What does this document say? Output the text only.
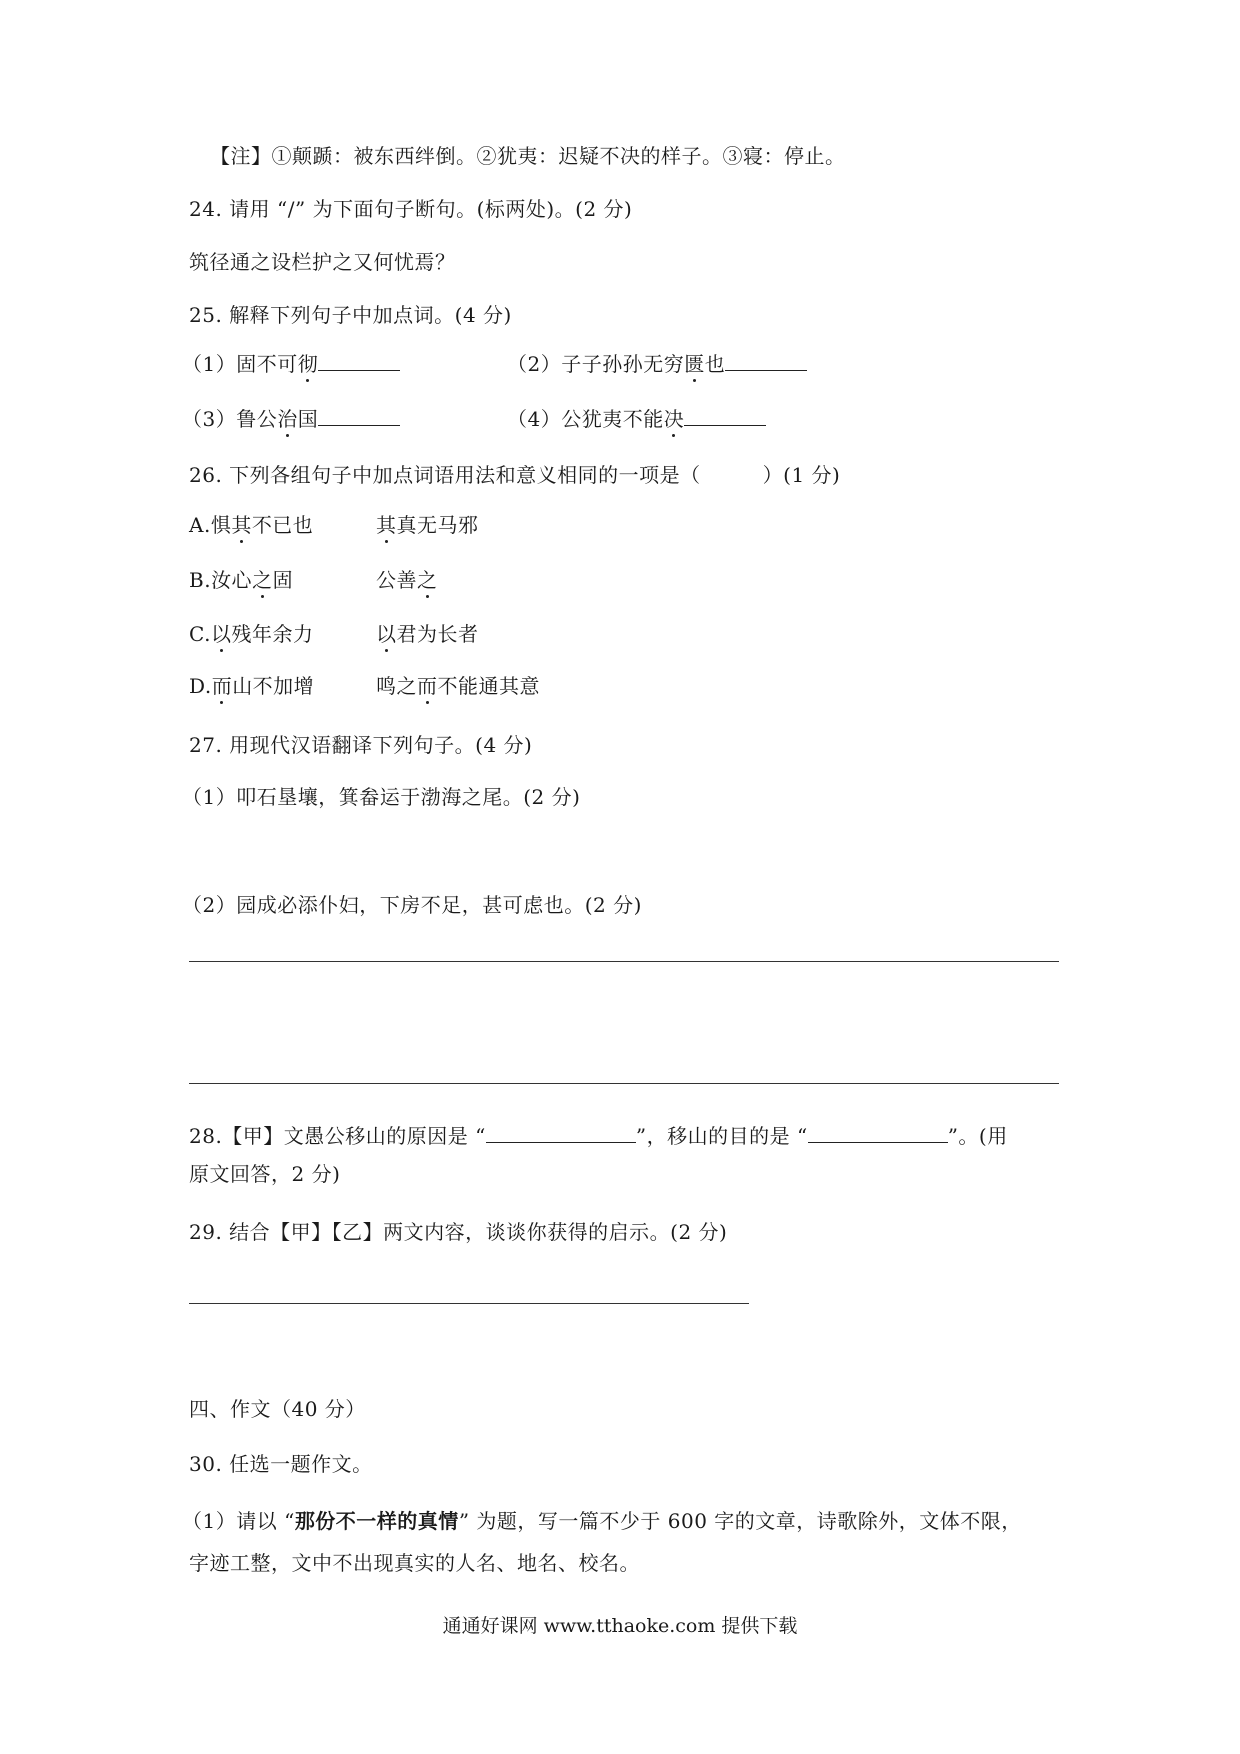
【注】①颠踬：被东西绊倒。②犹夷：迟疑不决的样子。③寝：停止。
24. 请用 “/” 为下面句子断句。(标两处)。(2 分)
筑径通之设栏护之又何忧焉？
25. 解释下列句子中加点词。(4 分)
（1）固不可彻	（2）子子孙孙无穷匮也
（3）鲁公治国	（4）公犹夷不能决
26. 下列各组句子中加点词语用法和意义相同的一项是（	）(1 分)
A.惧其不已也	其真无马邪
B.汝心之固	公善之
C.以残年余力	以君为长者
D.而山不加增	鸣之而不能通其意
27. 用现代汉语翻译下列句子。(4 分)
（1）叩石垦壤，箕畚运于渤海之尾。(2 分)
（2）园成必添仆妇，下房不足，甚可虑也。(2 分)
28.【甲】文愚公移山的原因是 “	”，移山的目的是 “	”。(用
原文回答，2 分)
29. 结合【甲】【乙】两文内容，谈谈你获得的启示。(2 分)
四、作文（40 分）
30. 任选一题作文。
（1）请以 “那份不一样的真情” 为题，写一篇不少于 600 字的文章，诗歌除外，文体不限，
字迹工整，文中不出现真实的人名、地名、校名。
通通好课网 www.tthaoke.com 提供下载
